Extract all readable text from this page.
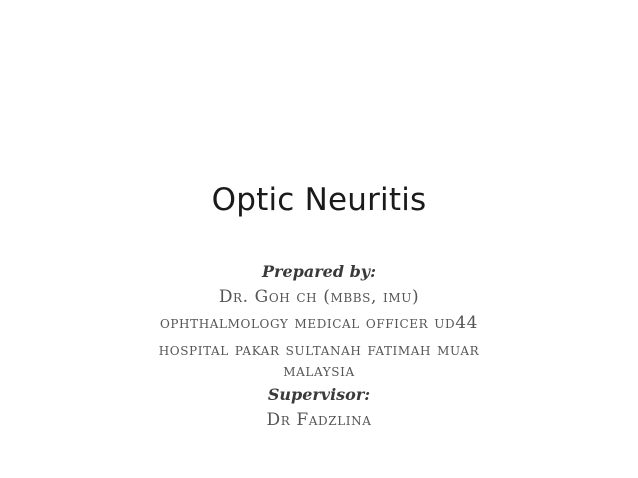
Optic Neuritis
Prepared by:
Dr. Goh ch (mbbs, imu)
ophthalmology medical officer ud44
hospital pakar sultanah fatimah muar
malaysia
Supervisor:
Dr Fadzlina
